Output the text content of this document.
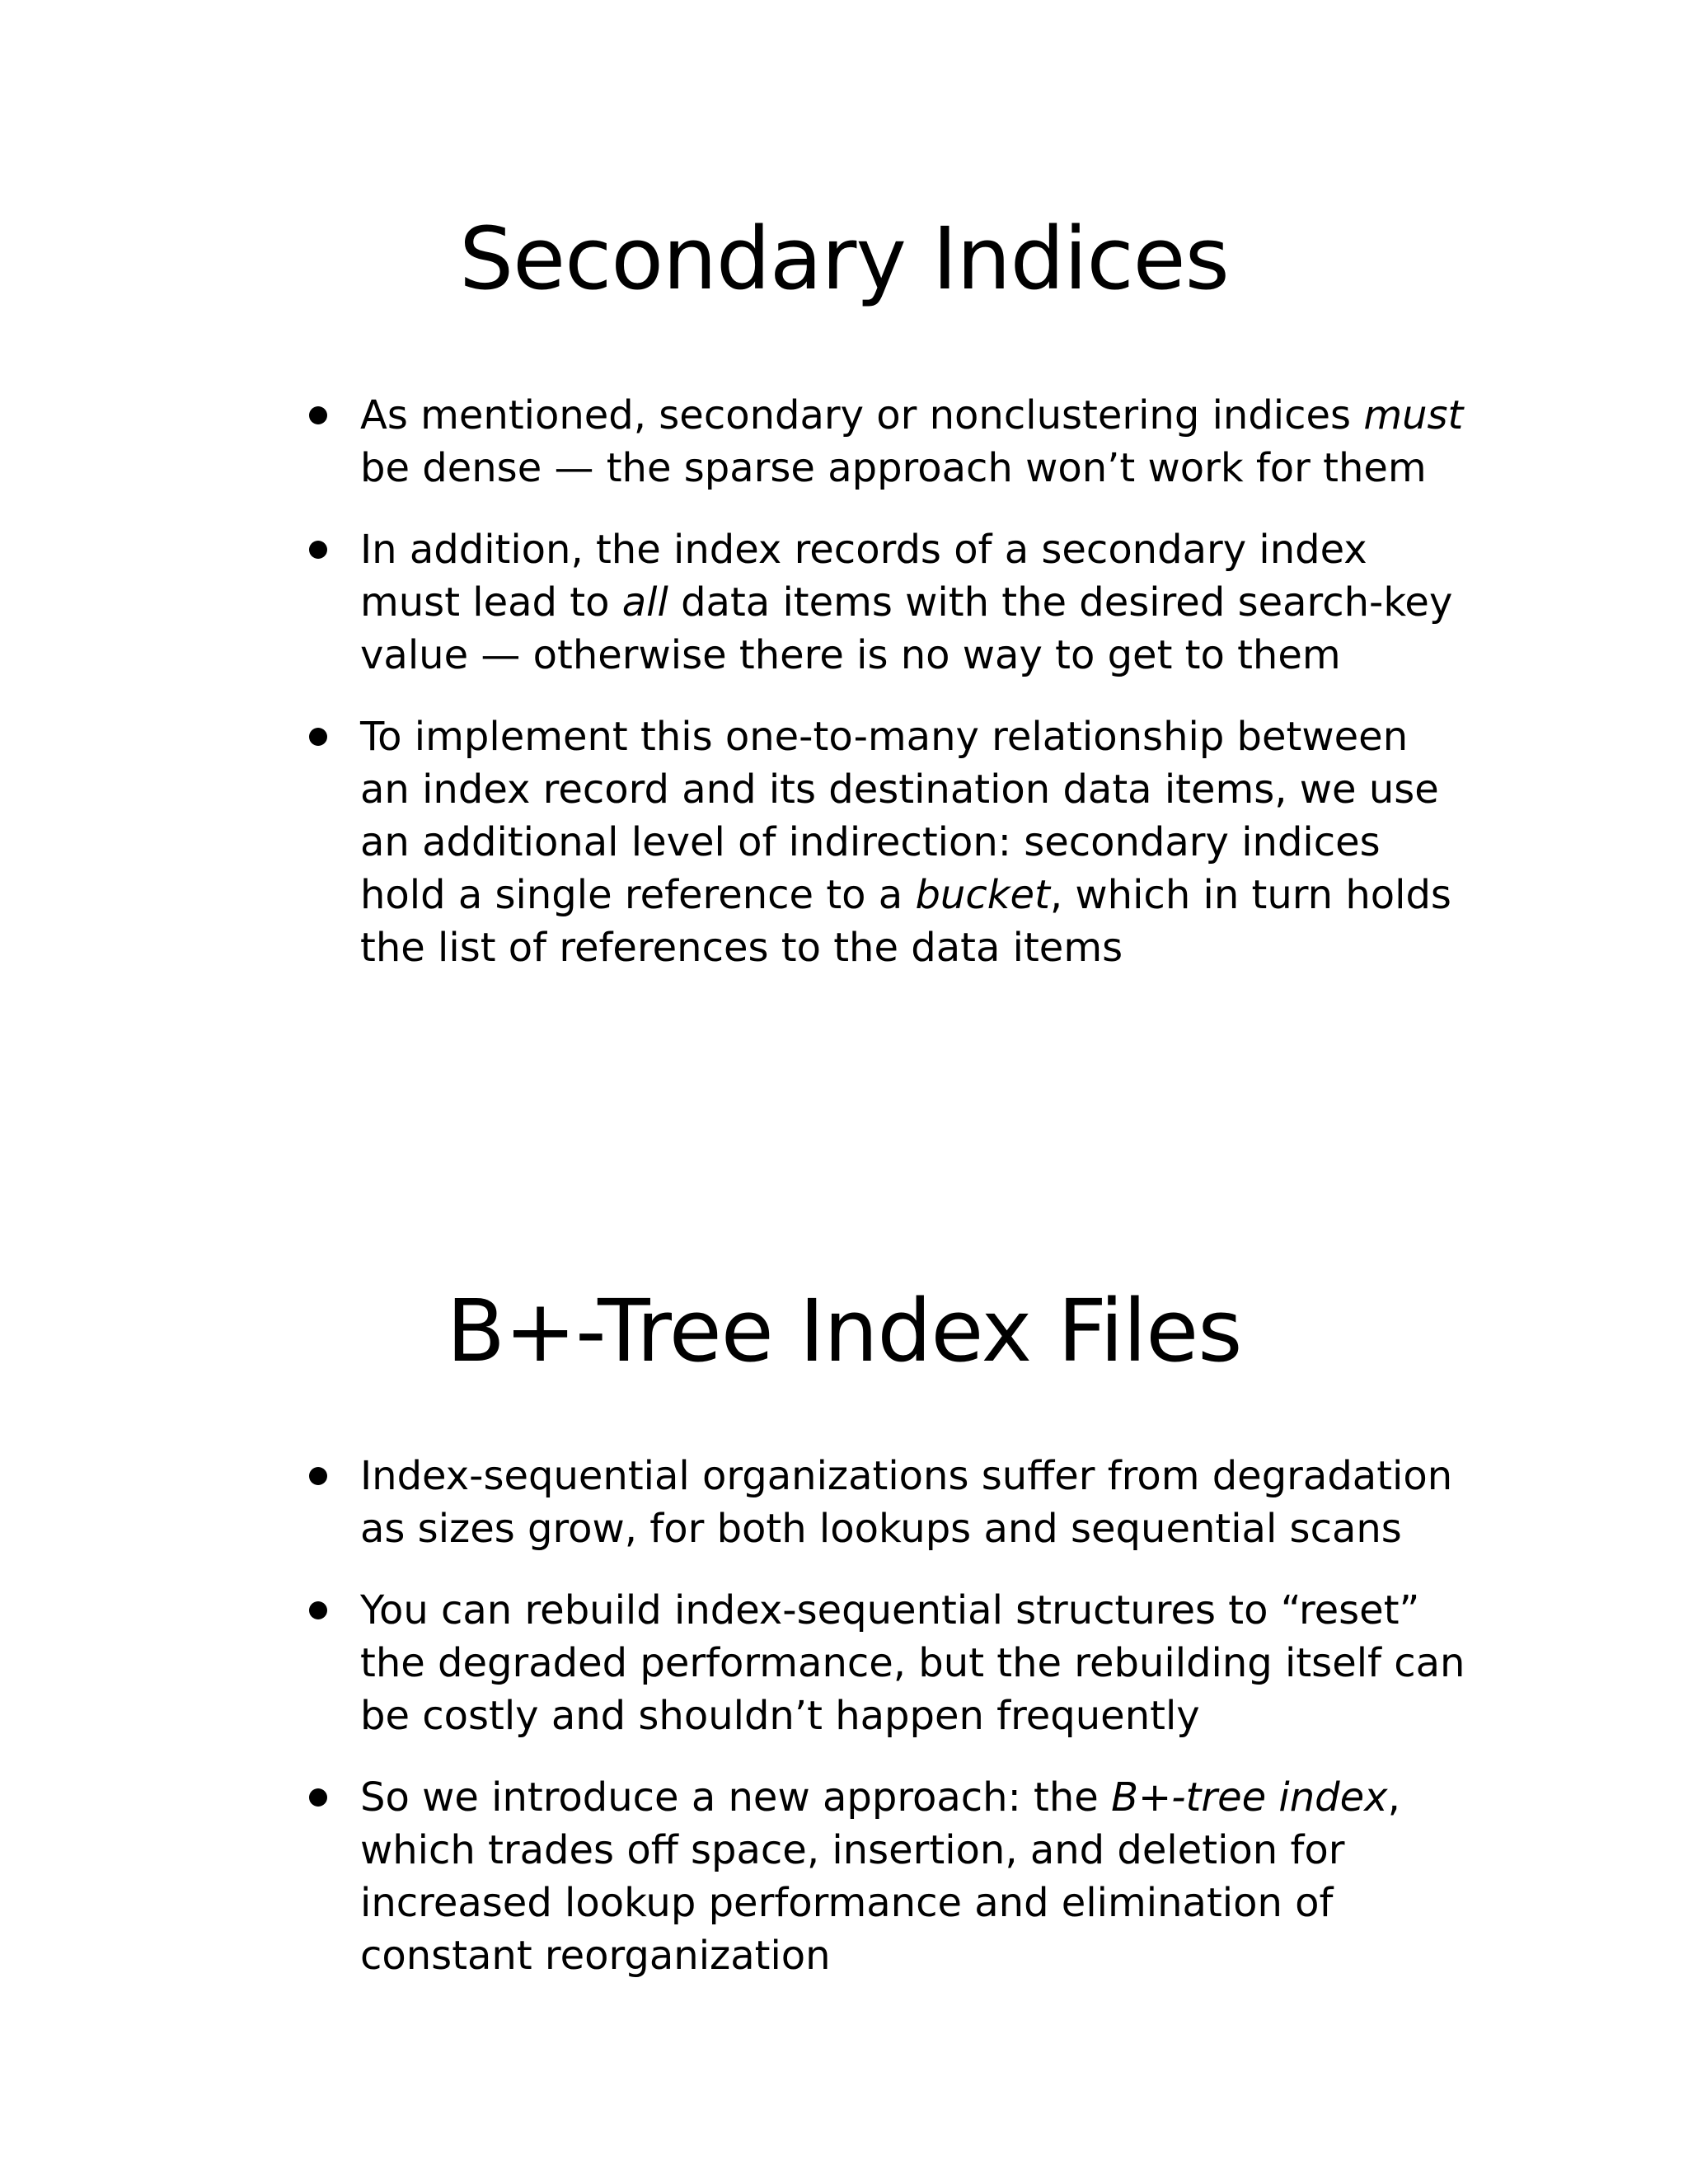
Secondary Indices
As mentioned, secondary or nonclustering indices must
be dense — the sparse approach won’t work for them
In addition, the index records of a secondary index
must lead to all data items with the desired search-key
value — otherwise there is no way to get to them
To implement this one-to-many relationship between
an index record and its destination data items, we use
an additional level of indirection: secondary indices
hold a single reference to a bucket, which in turn holds
the list of references to the data items
B+-Tree Index Files
Index-sequential organizations suffer from degradation
as sizes grow, for both lookups and sequential scans
You can rebuild index-sequential structures to “reset”
the degraded performance, but the rebuilding itself can
be costly and shouldn’t happen frequently
So we introduce a new approach: the B+-tree index,
which trades off space, insertion, and deletion for
increased lookup performance and elimination of
constant reorganization
